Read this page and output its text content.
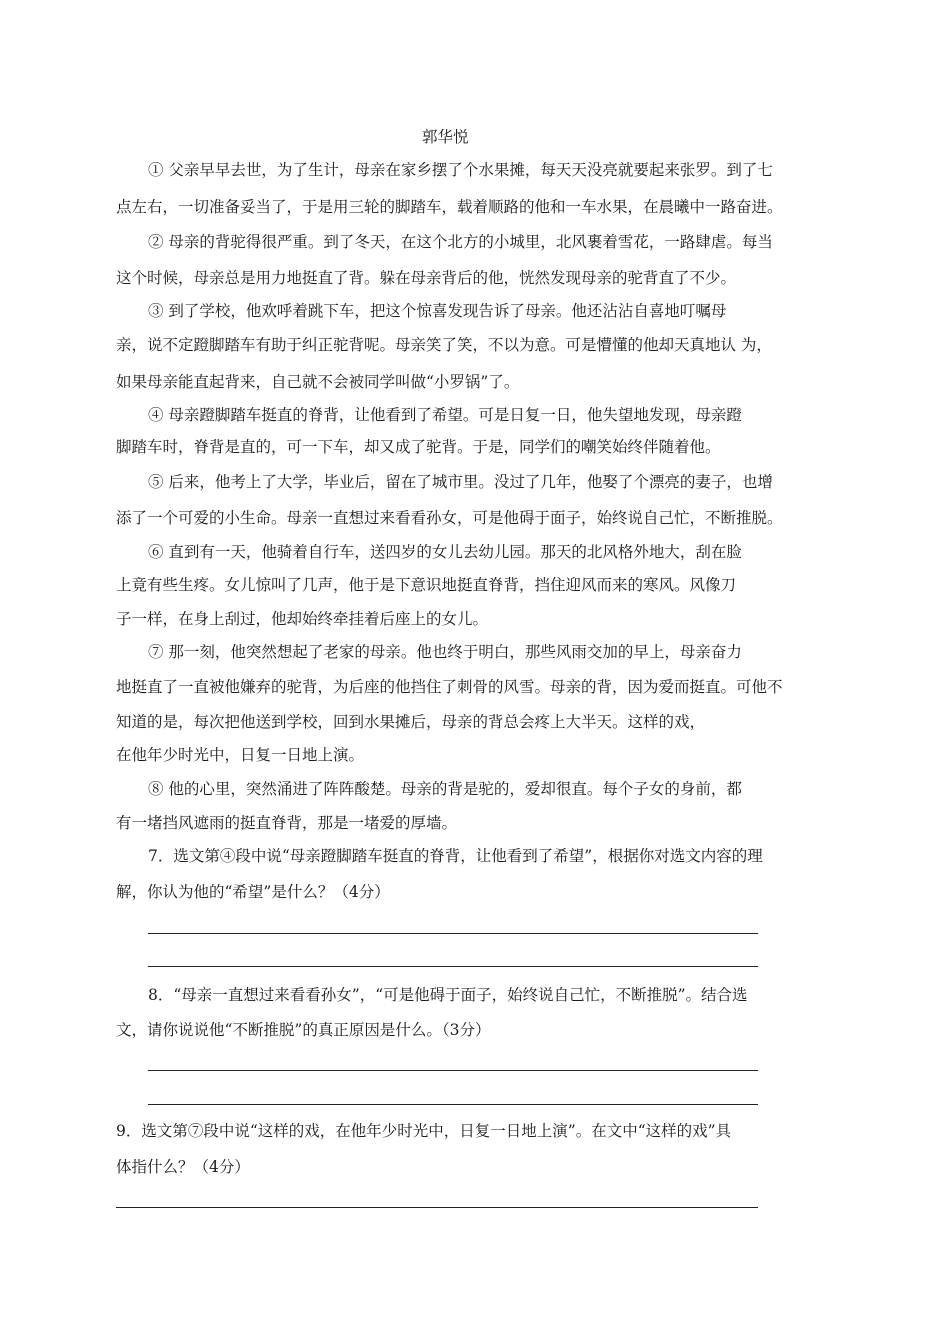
郭华悦
① 父亲早早去世，为了生计，母亲在家乡摆了个水果摊，每天天没亮就要起来张罗。到了七
点左右，一切准备妥当了，于是用三轮的脚踏车，载着顺路的他和一车水果，在晨曦中一路奋进。
② 母亲的背驼得很严重。到了冬天，在这个北方的小城里，北风裹着雪花，一路肆虐。每当
这个时候，母亲总是用力地挺直了背。躲在母亲背后的他，恍然发现母亲的驼背直了不少。
③ 到了学校，他欢呼着跳下车，把这个惊喜发现告诉了母亲。他还沾沾自喜地叮嘱母
亲，说不定蹬脚踏车有助于纠正驼背呢。母亲笑了笑，不以为意。可是懵懂的他却天真地认 为，
如果母亲能直起背来，自己就不会被同学叫做“小罗锅”了。
④ 母亲蹬脚踏车挺直的脊背，让他看到了希望。可是日复一日，他失望地发现，母亲蹬
脚踏车时，脊背是直的，可一下车，却又成了驼背。于是，同学们的嘲笑始终伴随着他。
⑤ 后来，他考上了大学，毕业后，留在了城市里。没过了几年，他娶了个漂亮的妻子，也增
添了一个可爱的小生命。母亲一直想过来看看孙女，可是他碍于面子，始终说自己忙，不断推脱。
⑥ 直到有一天，他骑着自行车，送四岁的女儿去幼儿园。那天的北风格外地大，刮在脸
上竟有些生疼。女儿惊叫了几声，他于是下意识地挺直脊背，挡住迎风而来的寒风。风像刀
子一样，在身上刮过，他却始终牵挂着后座上的女儿。
⑦ 那一刻，他突然想起了老家的母亲。他也终于明白，那些风雨交加的早上，母亲奋力
地挺直了一直被他嫌弃的驼背，为后座的他挡住了刺骨的风雪。母亲的背，因为爱而挺直。可他不
知道的是，每次把他送到学校，回到水果摊后，母亲的背总会疼上大半天。这样的戏，
在他年少时光中，日复一日地上演。
⑧ 他的心里，突然涌进了阵阵酸楚。母亲的背是驼的，爱却很直。每个子女的身前，都
有一堵挡风遮雨的挺直脊背，那是一堵爱的厚墙。
7．选文第④段中说“母亲蹬脚踏车挺直的脊背，让他看到了希望”，根据你对选文内容的理
解，你认为他的“希望”是什么？（4分）
8．“母亲一直想过来看看孙女”，“可是他碍于面子，始终说自己忙，不断推脱”。结合选
文，请你说说他“不断推脱”的真正原因是什么。（3分）
9．选文第⑦段中说“这样的戏，在他年少时光中，日复一日地上演”。在文中“这样的戏”具
体指什么？（4分）
